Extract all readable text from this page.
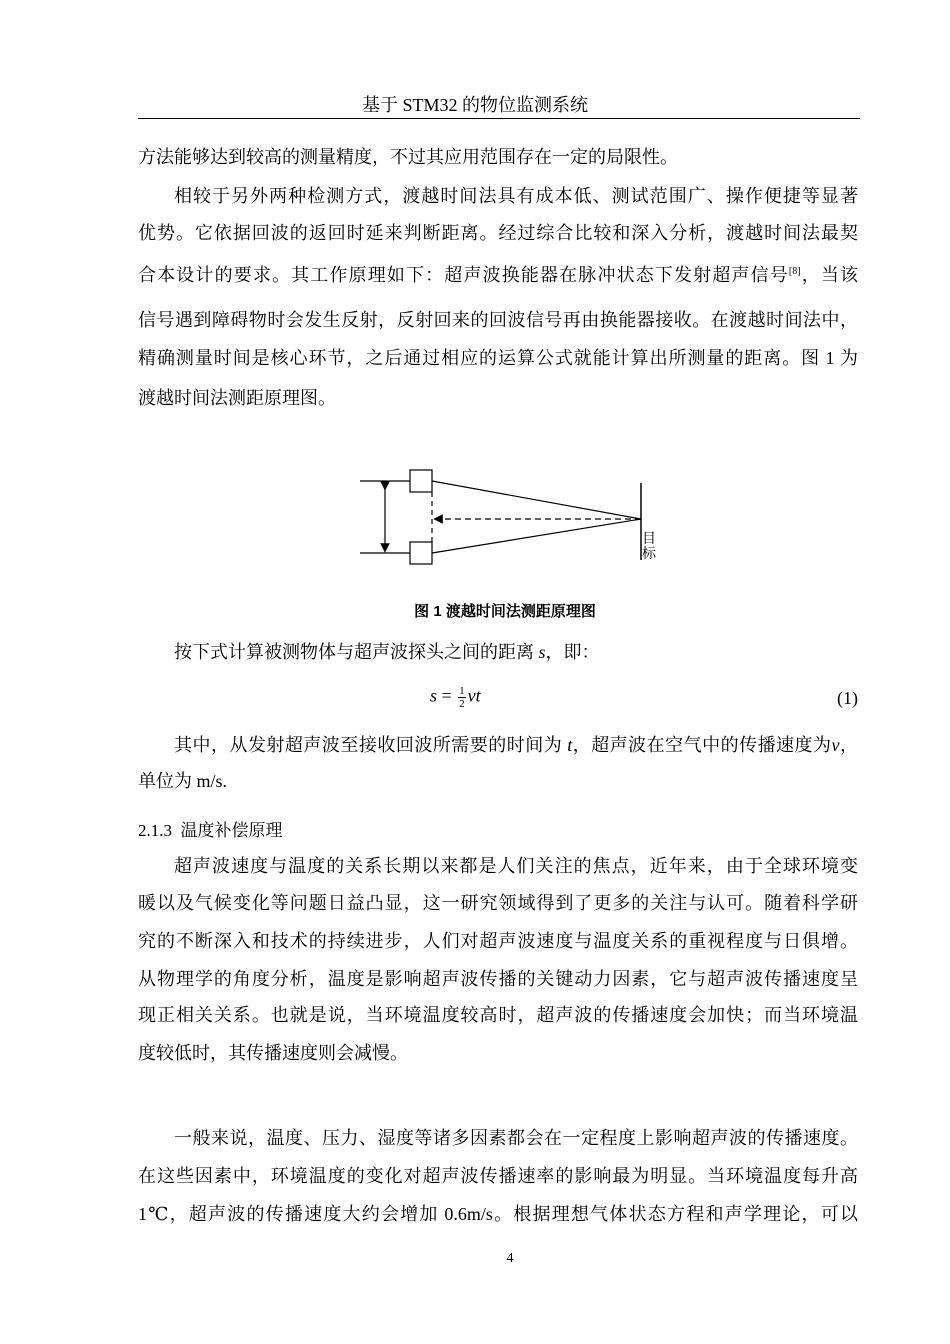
基于 STM32 的物位监测系统
方法能够达到较高的测量精度，不过其应用范围存在一定的局限性。
相较于另外两种检测方式，渡越时间法具有成本低、测试范围广、操作便捷等显著
优势。它依据回波的返回时延来判断距离。经过综合比较和深入分析，渡越时间法最契
合本设计的要求。其工作原理如下：超声波换能器在脉冲状态下发射超声信号[8]，当该
信号遇到障碍物时会发生反射，反射回来的回波信号再由换能器接收。在渡越时间法中，
精确测量时间是核心环节，之后通过相应的运算公式就能计算出所测量的距离。图 1 为
渡越时间法测距原理图。
目标
图 1 渡越时间法测距原理图
按下式计算被测物体与超声波探头之间的距离 s，即：
$s = \frac{1}{2}$ vt	(1)
其中，从发射超声波至接收回波所需要的时间为 t，超声波在空气中的传播速度为v，
单位为 m/s.
2.1.3 温度补偿原理
超声波速度与温度的关系长期以来都是人们关注的焦点，近年来，由于全球环境变
暖以及气候变化等问题日益凸显，这一研究领域得到了更多的关注与认可。随着科学研
究的不断深入和技术的持续进步，人们对超声波速度与温度关系的重视程度与日俱增。
从物理学的角度分析，温度是影响超声波传播的关键动力因素，它与超声波传播速度呈
现正相关关系。也就是说，当环境温度较高时，超声波的传播速度会加快；而当环境温
度较低时，其传播速度则会减慢。
一般来说，温度、压力、湿度等诸多因素都会在一定程度上影响超声波的传播速度。
在这些因素中，环境温度的变化对超声波传播速率的影响最为明显。当环境温度每升高
1℃，超声波的传播速度大约会增加 0.6m/s。根据理想气体状态方程和声学理论，可以
4
